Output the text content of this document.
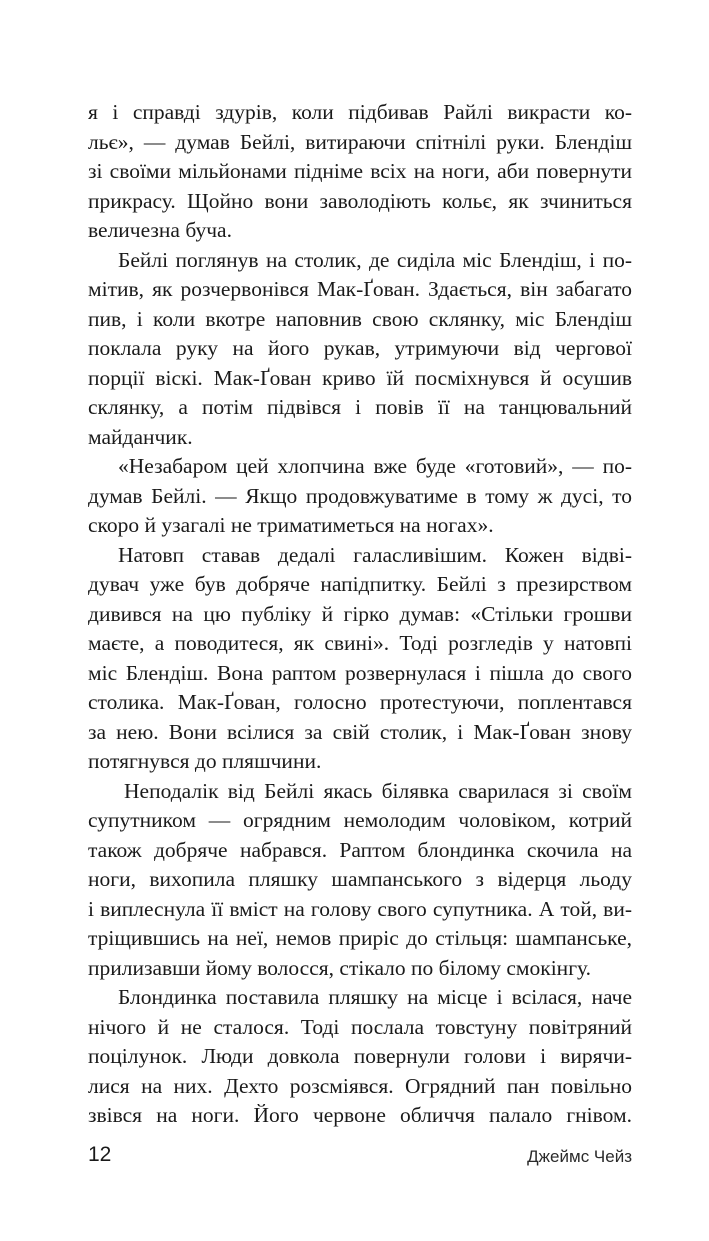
я і справді здурів, коли підбивав Райлі викрасти ко-
льє», — думав Бейлі, витираючи спітнілі руки. Блендіш
зі своїми мільйонами підніме всіх на ноги, аби повернути
прикрасу. Щойно вони заволодіють кольє, як зчиниться
величезна буча.
Бейлі поглянув на столик, де сиділа міс Блендіш, і по-
мітив, як розчервонівся Мак-Ґован. Здається, він забагато
пив, і коли вкотре наповнив свою склянку, міс Блендіш
поклала руку на його рукав, утримуючи від чергової
порції віскі. Мак-Ґован криво їй посміхнувся й осушив
склянку, а потім підвівся і повів її на танцювальний
майданчик.
«Незабаром цей хлопчина вже буде «готовий», — по-
думав Бейлі. — Якщо продовжуватиме в тому ж дусі, то
скоро й узагалі не триматиметься на ногах».
Натовп ставав дедалі галасливішим. Кожен відві-
дувач уже був добряче напідпитку. Бейлі з презирством
дивився на цю публіку й гірко думав: «Стільки грошви
маєте, а поводитеся, як свині». Тоді розгледів у натовпі
міс Блендіш. Вона раптом розвернулася і пішла до свого
столика. Мак-Ґован, голосно протестуючи, поплентався
за нею. Вони всілися за свій столик, і Мак-Ґован знову
потягнувся до пляшчини.
Неподалік від Бейлі якась білявка сварилася зі своїм
супутником — огрядним немолодим чоловіком, котрий
також добряче набрався. Раптом блондинка скочила на
ноги, вихопила пляшку шампанського з відерця льоду
і виплеснула її вміст на голову свого супутника. А той, ви-
тріщившись на неї, немов приріс до стільця: шампанське,
прилизавши йому волосся, стікало по білому смокінгу.
Блондинка поставила пляшку на місце і всілася, наче
нічого й не сталося. Тоді послала товстуну повітряний
поцілунок. Люди довкола повернули голови і вирячи-
лися на них. Дехто розсміявся. Огрядний пан повільно
звівся на ноги. Його червоне обличчя палало гнівом.
12	Джеймс Чейз
